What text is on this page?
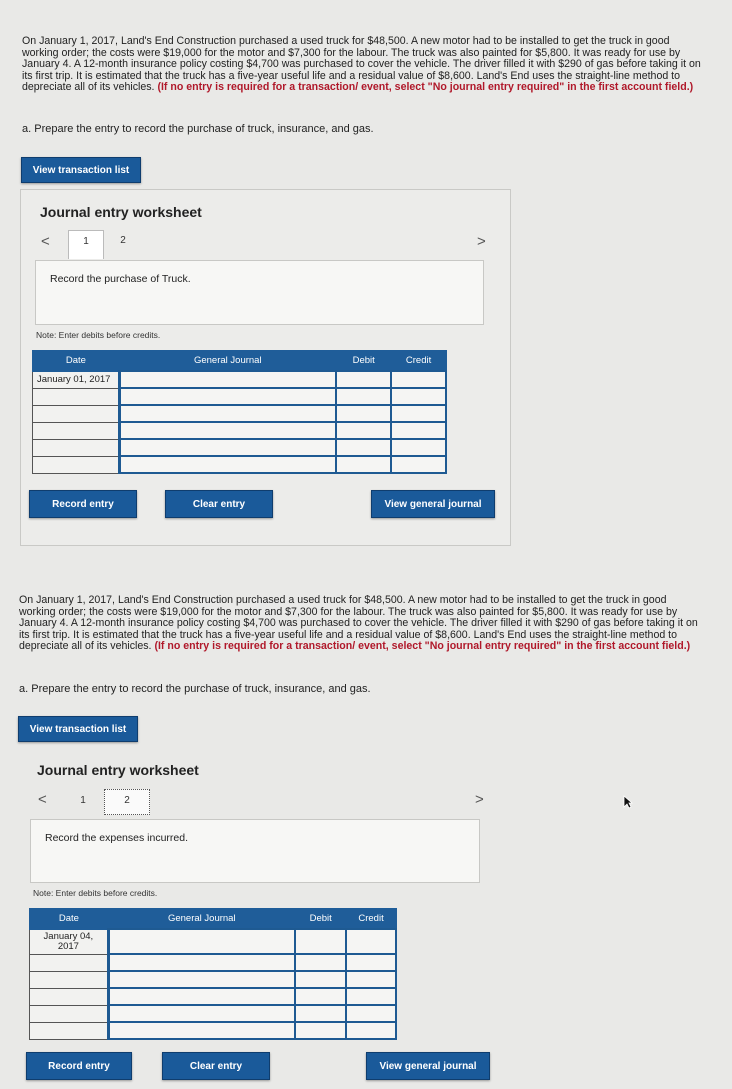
On January 1, 2017, Land's End Construction purchased a used truck for $48,500. A new motor had to be installed to get the truck in good working order; the costs were $19,000 for the motor and $7,300 for the labour. The truck was also painted for $5,800. It was ready for use by January 4. A 12-month insurance policy costing $4,700 was purchased to cover the vehicle. The driver filled it with $290 of gas before taking it on its first trip. It is estimated that the truck has a five-year useful life and a residual value of $8,600. Land's End uses the straight-line method to depreciate all of its vehicles. (If no entry is required for a transaction/ event, select "No journal entry required" in the first account field.)

a. Prepare the entry to record the purchase of truck, insurance, and gas.
View transaction list
Journal entry worksheet
<	1	2	>
Record the purchase of Truck.
Note: Enter debits before credits.
Date	General Journal	Debit	Credit
January 01, 2017			

Record entry	Clear entry	View general journal

On January 1, 2017, Land's End Construction purchased a used truck for $48,500. A new motor had to be installed to get the truck in good working order; the costs were $19,000 for the motor and $7,300 for the labour. The truck was also painted for $5,800. It was ready for use by January 4. A 12-month insurance policy costing $4,700 was purchased to cover the vehicle. The driver filled it with $290 of gas before taking it on its first trip. It is estimated that the truck has a five-year useful life and a residual value of $8,600. Land's End uses the straight-line method to depreciate all of its vehicles. (If no entry is required for a transaction/ event, select "No journal entry required" in the first account field.)

a. Prepare the entry to record the purchase of truck, insurance, and gas.
View transaction list
Journal entry worksheet
<	1	2	>
Record the expenses incurred.
Note: Enter debits before credits.
Date	General Journal	Debit	Credit
January 04,
2017			

Record entry	Clear entry	View general journal
